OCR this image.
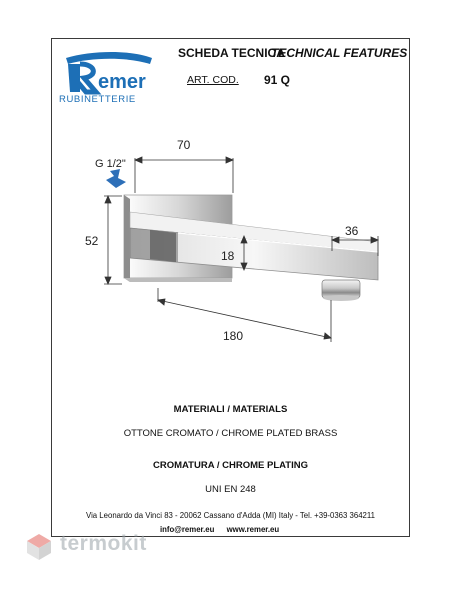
emer
RUBINETTERIE
SCHEDA TECNICA
TECHNICAL FEATURES
ART. COD. 91 Q
70
G 1/2"
52
18
36
180
MATERIALI / MATERIALS
OTTONE CROMATO / CHROME PLATED BRASS
CROMATURA / CHROME PLATING
UNI EN 248
Via Leonardo da Vinci 83 - 20062 Cassano d'Adda (MI) Italy - Tel. +39-0363 364211
info@remer.eu www.remer.eu
termokit
